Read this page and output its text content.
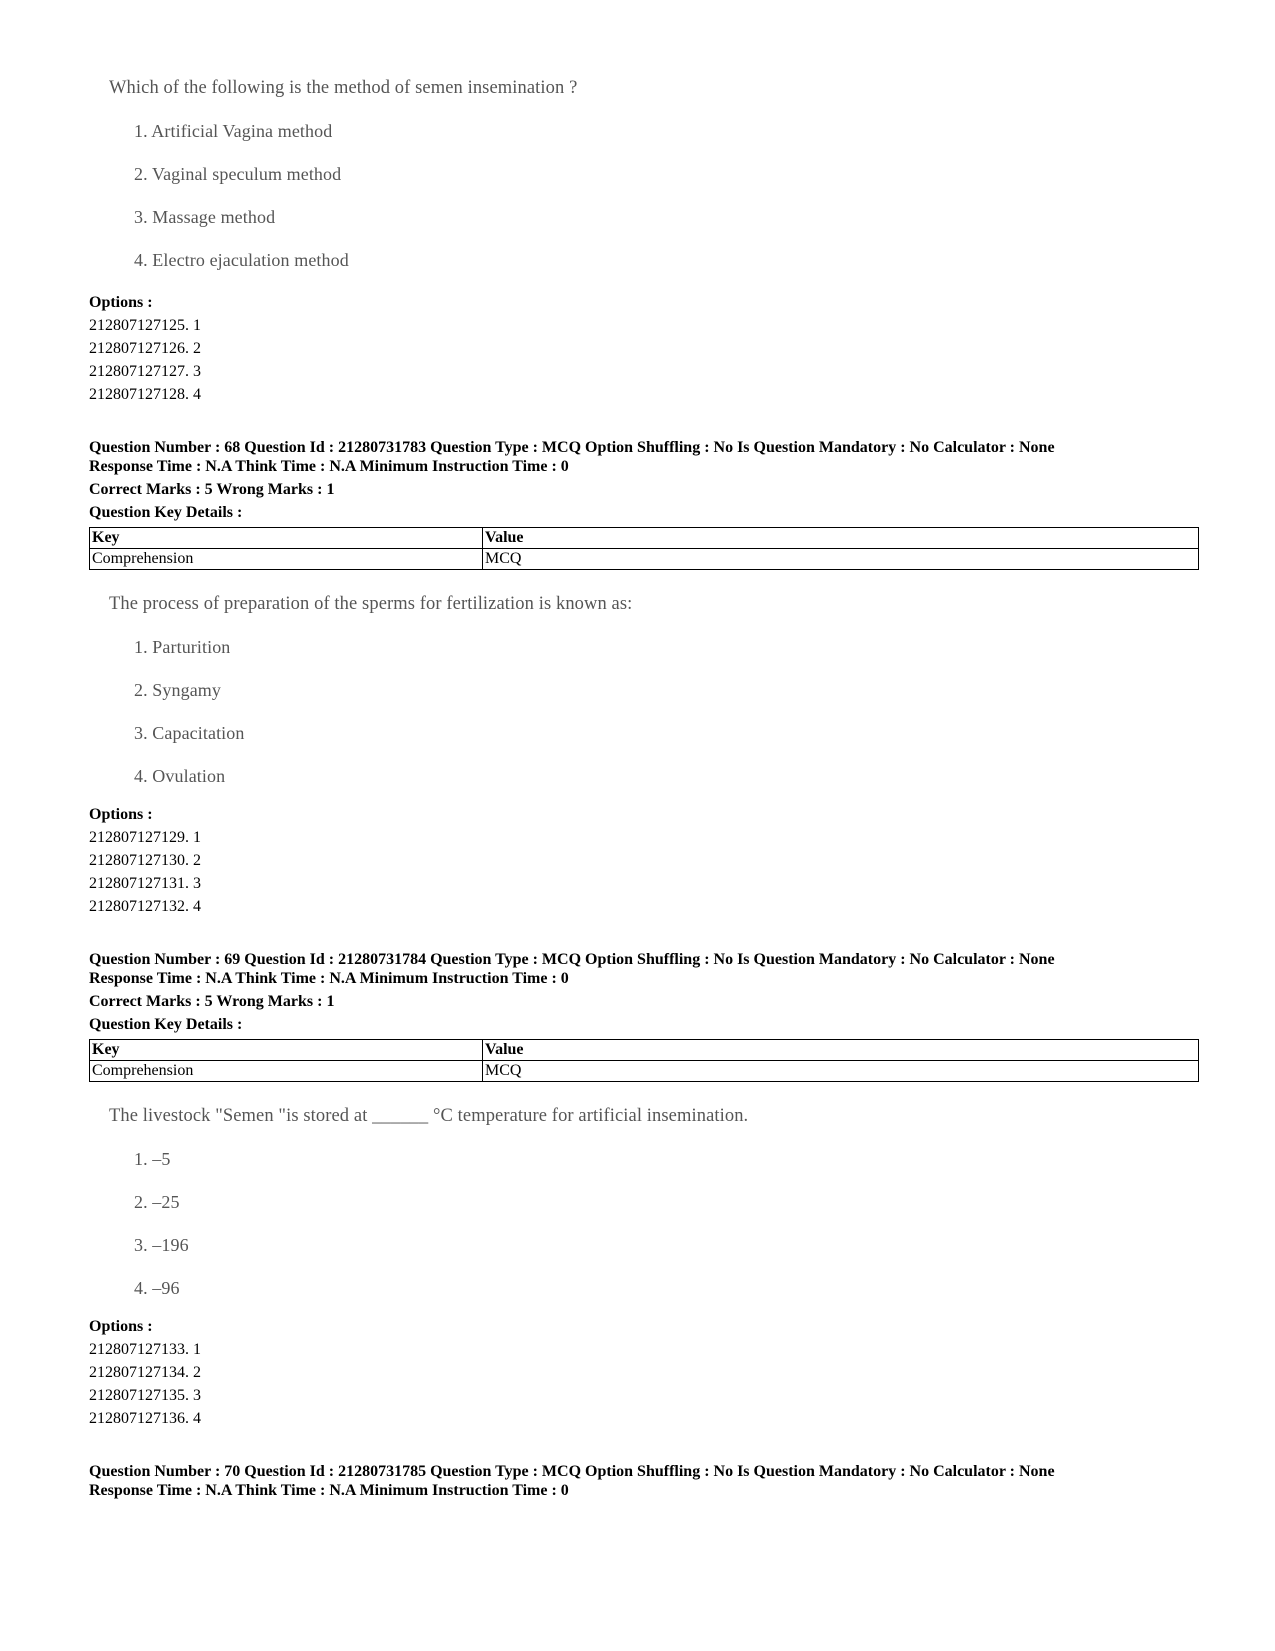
Which of the following is the method of semen insemination ?
1. Artificial Vagina method
2. Vaginal speculum method
3. Massage method
4. Electro ejaculation method
Options :
212807127125. 1
212807127126. 2
212807127127. 3
212807127128. 4
Question Number : 68 Question Id : 21280731783 Question Type : MCQ Option Shuffling : No Is Question Mandatory : No Calculator : None
Response Time : N.A Think Time : N.A Minimum Instruction Time : 0
Correct Marks : 5 Wrong Marks : 1
Question Key Details :
Key	Value
Comprehension	MCQ
The process of preparation of the sperms for fertilization is known as:
1. Parturition
2. Syngamy
3. Capacitation
4. Ovulation
Options :
212807127129. 1
212807127130. 2
212807127131. 3
212807127132. 4
Question Number : 69 Question Id : 21280731784 Question Type : MCQ Option Shuffling : No Is Question Mandatory : No Calculator : None
Response Time : N.A Think Time : N.A Minimum Instruction Time : 0
Correct Marks : 5 Wrong Marks : 1
Question Key Details :
Key	Value
Comprehension	MCQ
The livestock "Semen "is stored at ______ °C temperature for artificial insemination.
1. –5
2. –25
3. –196
4. –96
Options :
212807127133. 1
212807127134. 2
212807127135. 3
212807127136. 4
Question Number : 70 Question Id : 21280731785 Question Type : MCQ Option Shuffling : No Is Question Mandatory : No Calculator : None
Response Time : N.A Think Time : N.A Minimum Instruction Time : 0
